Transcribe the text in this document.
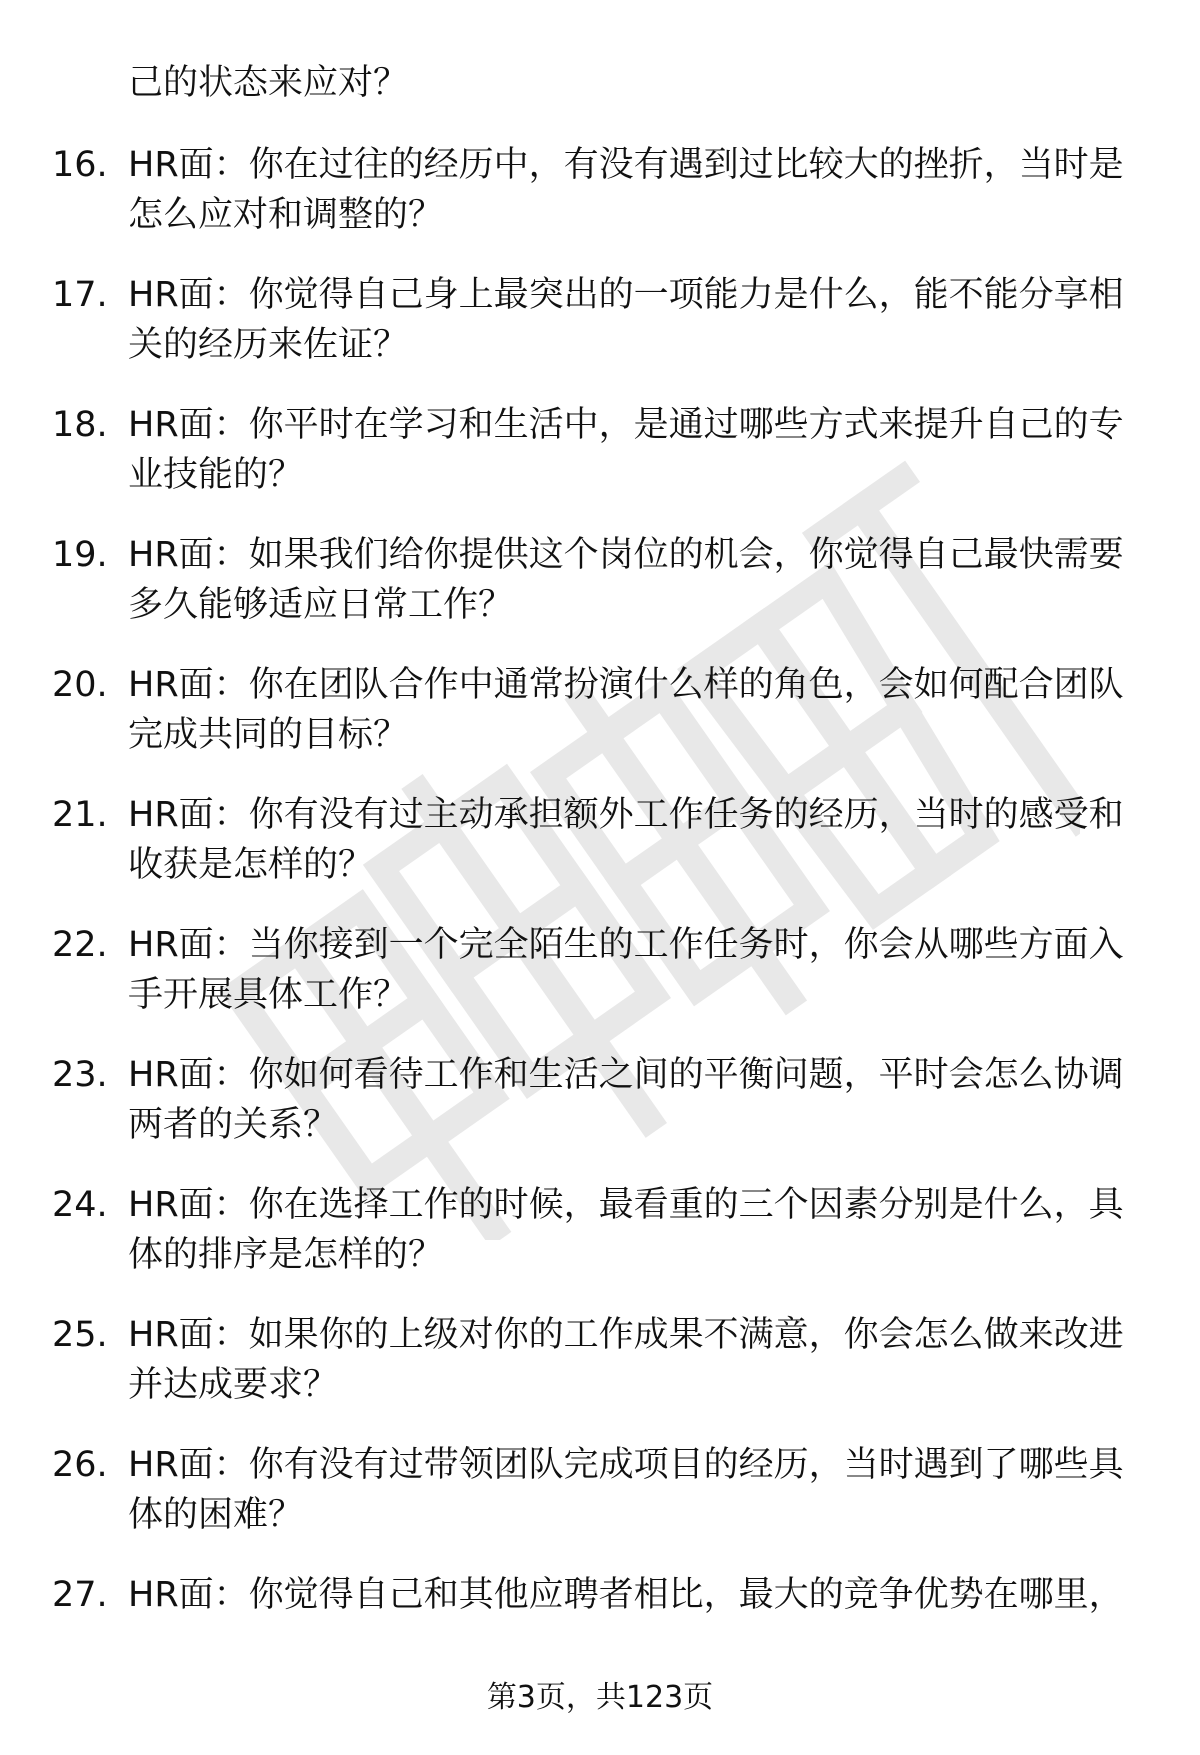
己的状态来应对？
16. HR面：你在过往的经历中，有没有遇到过比较大的挫折，当时是怎么应对和调整的？
17. HR面：你觉得自己身上最突出的一项能力是什么，能不能分享相关的经历来佐证？
18. HR面：你平时在学习和生活中，是通过哪些方式来提升自己的专业技能的？
19. HR面：如果我们给你提供这个岗位的机会，你觉得自己最快需要多久能够适应日常工作？
20. HR面：你在团队合作中通常扮演什么样的角色，会如何配合团队完成共同的目标？
21. HR面：你有没有过主动承担额外工作任务的经历，当时的感受和收获是怎样的？
22. HR面：当你接到一个完全陌生的工作任务时，你会从哪些方面入手开展具体工作？
23. HR面：你如何看待工作和生活之间的平衡问题，平时会怎么协调两者的关系？
24. HR面：你在选择工作的时候，最看重的三个因素分别是什么，具体的排序是怎样的？
25. HR面：如果你的上级对你的工作成果不满意，你会怎么做来改进并达成要求？
26. HR面：你有没有过带领团队完成项目的经历，当时遇到了哪些具体的困难？
27. HR面：你觉得自己和其他应聘者相比，最大的竞争优势在哪里，
第3页，共123页
